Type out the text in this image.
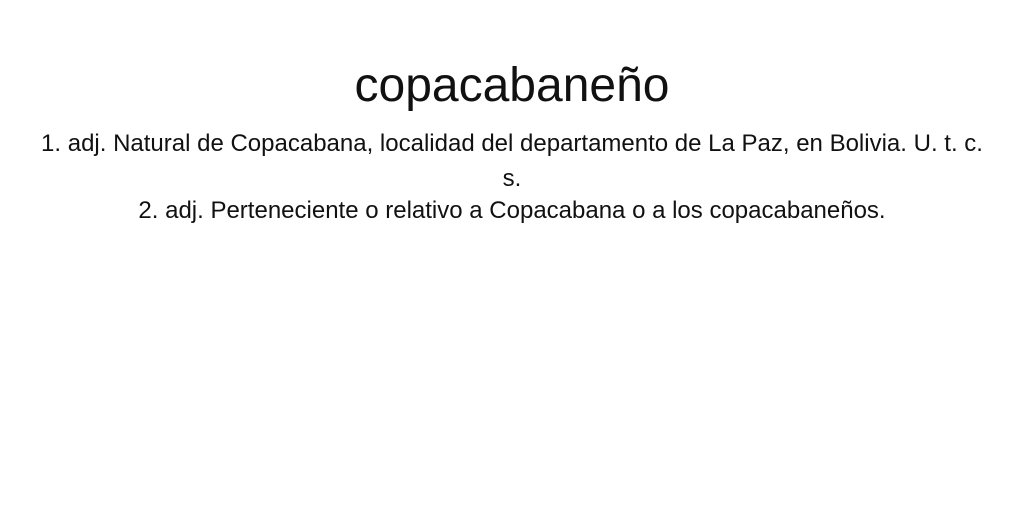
copacabaneño

1. adj. Natural de Copacabana, localidad del departamento de La Paz, en Bolivia. U. t. c. s.

2. adj. Perteneciente o relativo a Copacabana o a los copacabaneños.
